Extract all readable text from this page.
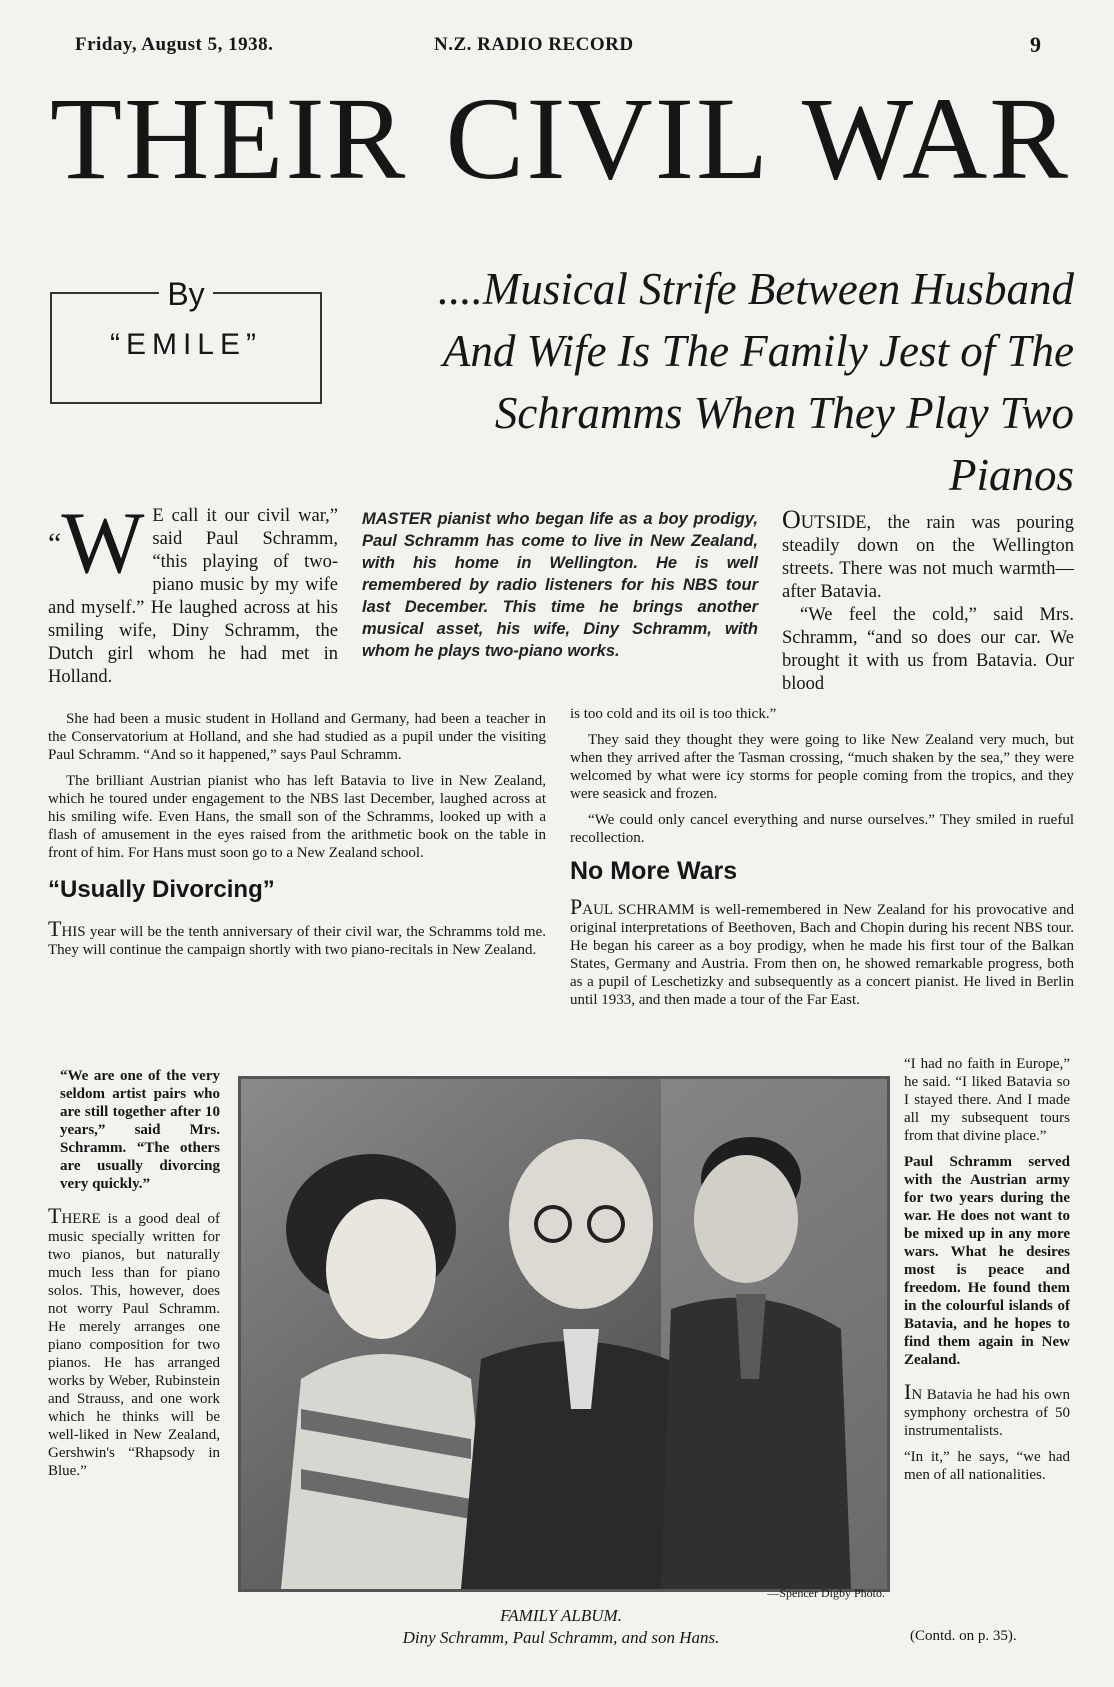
Friday, August 5, 1938.	N.Z. RADIO RECORD	9
THEIR CIVIL WAR
By
“EMILE”
....Musical Strife Between Husband And Wife Is The Family Jest of The Schramms When They Play Two Pianos

“W E call it our civil war,” said Paul Schramm, “this playing of two-piano music by my wife and myself.” He laughed across at his smiling wife, Diny Schramm, the Dutch girl whom he had met in Holland.

She had been a music student in Holland and Germany, had been a teacher in the Conservatorium at Holland, and she had studied as a pupil under the visiting Paul Schramm. “And so it happened,” says Paul Schramm.

The brilliant Austrian pianist who has left Batavia to live in New Zealand, which he toured under engagement to the NBS last December, laughed across at his smiling wife. Even Hans, the small son of the Schramms, looked up with a flash of amusement in the eyes raised from the arithmetic book on the table in front of him. For Hans must soon go to a New Zealand school.

“Usually Divorcing”

THIS year will be the tenth anniversary of their civil war, the Schramms told me. They will continue the campaign shortly with two piano-recitals in New Zealand.

MASTER pianist who began life as a boy prodigy, Paul Schramm has come to live in New Zealand, with his home in Wellington. He is well remembered by radio listeners for his NBS tour last December. This time he brings another musical asset, his wife, Diny Schramm, with whom he plays two-piano works.

OUTSIDE, the rain was pouring steadily down on the Wellington streets. There was not much warmth—after Batavia.

“We feel the cold,” said Mrs. Schramm, “and so does our car. We brought it with us from Batavia. Our blood

is too cold and its oil is too thick.”

They said they thought they were going to like New Zealand very much, but when they arrived after the Tasman crossing, “much shaken by the sea,” they were welcomed by what were icy storms for people coming from the tropics, and they were seasick and frozen.

“We could only cancel everything and nurse ourselves.” They smiled in rueful recollection.

No More Wars

PAUL SCHRAMM is well-remembered in New Zealand for his provocative and original interpretations of Beethoven, Bach and Chopin during his recent NBS tour. He began his career as a boy prodigy, when he made his first tour of the Balkan States, Germany and Austria. From then on, he showed remarkable progress, both as a pupil of Leschetizky and subsequently as a concert pianist. He lived in Berlin until 1933, and then made a tour of the Far East.

“We are one of the very seldom artist pairs who are still together after 10 years,” said Mrs. Schramm. “The others are usually divorcing very quickly.”

THERE is a good deal of music specially written for two pianos, but naturally much less than for piano solos. This, however, does not worry Paul Schramm. He merely arranges one piano composition for two pianos. He has arranged works by Weber, Rubinstein and Strauss, and one work which he thinks will be well-liked in New Zealand, Gershwin's “Rhapsody in Blue.”

“I had no faith in Europe,” he said. “I liked Batavia so I stayed there. And I made all my subsequent tours from that divine place.”

Paul Schramm served with the Austrian army for two years during the war. He does not want to be mixed up in any more wars. What he desires most is peace and freedom. He found them in the colourful islands of Batavia, and he hopes to find them again in New Zealand.

IN Batavia he had his own symphony orchestra of 50 instrumentalists.

“In it,” he says, “we had men of all nationalities.

—Spencer Digby Photo.
FAMILY ALBUM.
Diny Schramm, Paul Schramm, and son Hans.	(Contd. on p. 35).
